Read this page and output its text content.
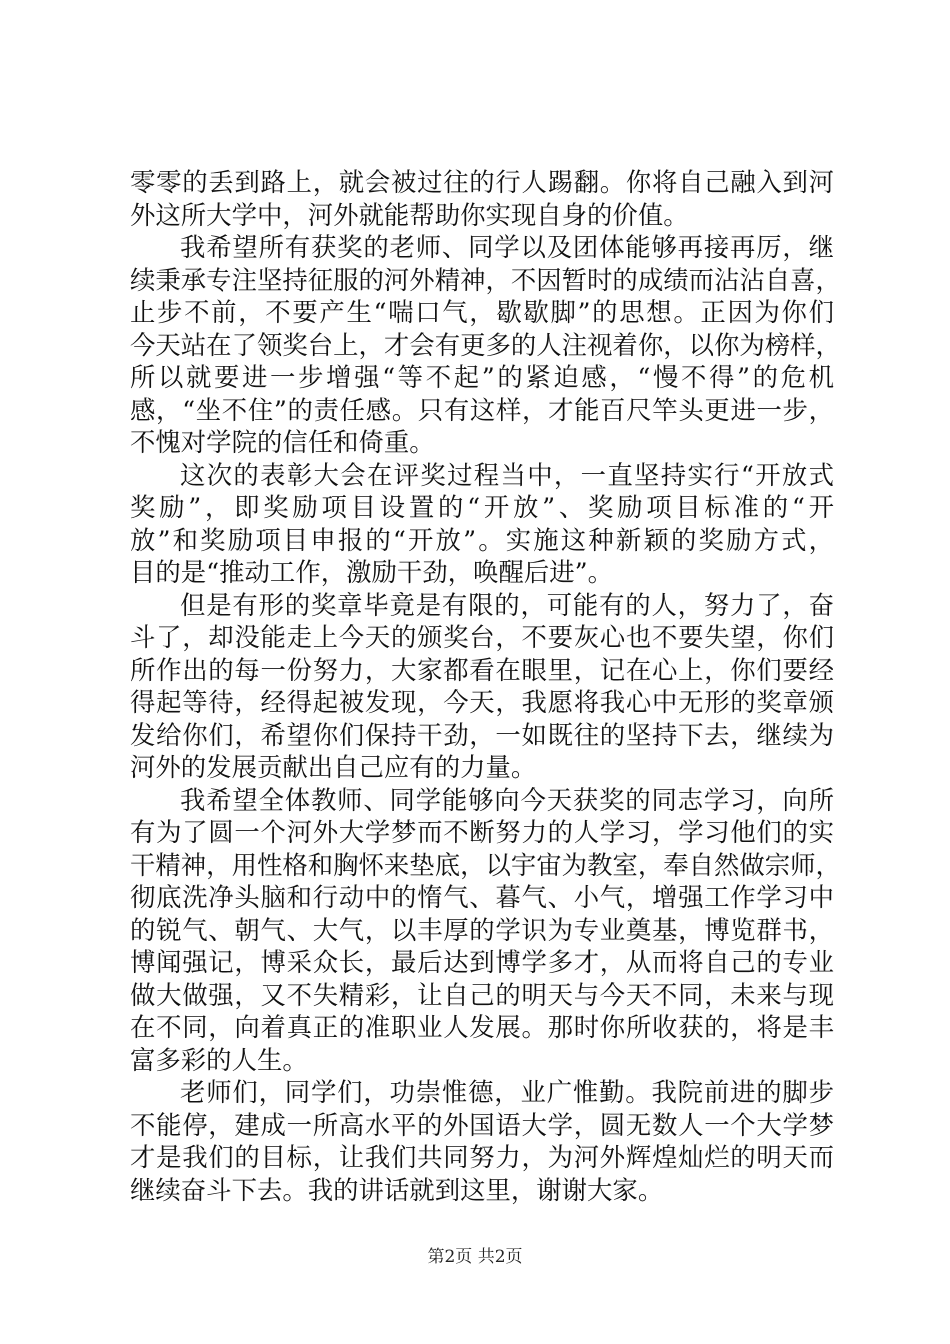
零零的丢到路上，就会被过往的行人踢翻。你将自己融入到河
外这所大学中，河外就能帮助你实现自身的价值。
我希望所有获奖的老师、同学以及团体能够再接再厉，继
续秉承专注坚持征服的河外精神，不因暂时的成绩而沾沾自喜，
止步不前，不要产生“喘口气，歇歇脚”的思想。正因为你们
今天站在了领奖台上，才会有更多的人注视着你，以你为榜样，
所以就要进一步增强“等不起”的紧迫感，“慢不得”的危机
感，“坐不住”的责任感。只有这样，才能百尺竿头更进一步，
不愧对学院的信任和倚重。
这次的表彰大会在评奖过程当中，一直坚持实行“开放式
奖励”，即奖励项目设置的“开放”、奖励项目标准的“开
放”和奖励项目申报的“开放”。实施这种新颖的奖励方式，
目的是“推动工作，激励干劲，唤醒后进”。
但是有形的奖章毕竟是有限的，可能有的人，努力了，奋
斗了，却没能走上今天的颁奖台，不要灰心也不要失望，你们
所作出的每一份努力，大家都看在眼里，记在心上，你们要经
得起等待，经得起被发现，今天，我愿将我心中无形的奖章颁
发给你们，希望你们保持干劲，一如既往的坚持下去，继续为
河外的发展贡献出自己应有的力量。
我希望全体教师、同学能够向今天获奖的同志学习，向所
有为了圆一个河外大学梦而不断努力的人学习，学习他们的实
干精神，用性格和胸怀来垫底，以宇宙为教室，奉自然做宗师，
彻底洗净头脑和行动中的惰气、暮气、小气，增强工作学习中
的锐气、朝气、大气，以丰厚的学识为专业奠基，博览群书，
博闻强记，博采众长，最后达到博学多才，从而将自己的专业
做大做强，又不失精彩，让自己的明天与今天不同，未来与现
在不同，向着真正的准职业人发展。那时你所收获的，将是丰
富多彩的人生。
老师们，同学们，功崇惟德，业广惟勤。我院前进的脚步
不能停，建成一所高水平的外国语大学，圆无数人一个大学梦
才是我们的目标，让我们共同努力，为河外辉煌灿烂的明天而
继续奋斗下去。我的讲话就到这里，谢谢大家。
第2页 共2页
